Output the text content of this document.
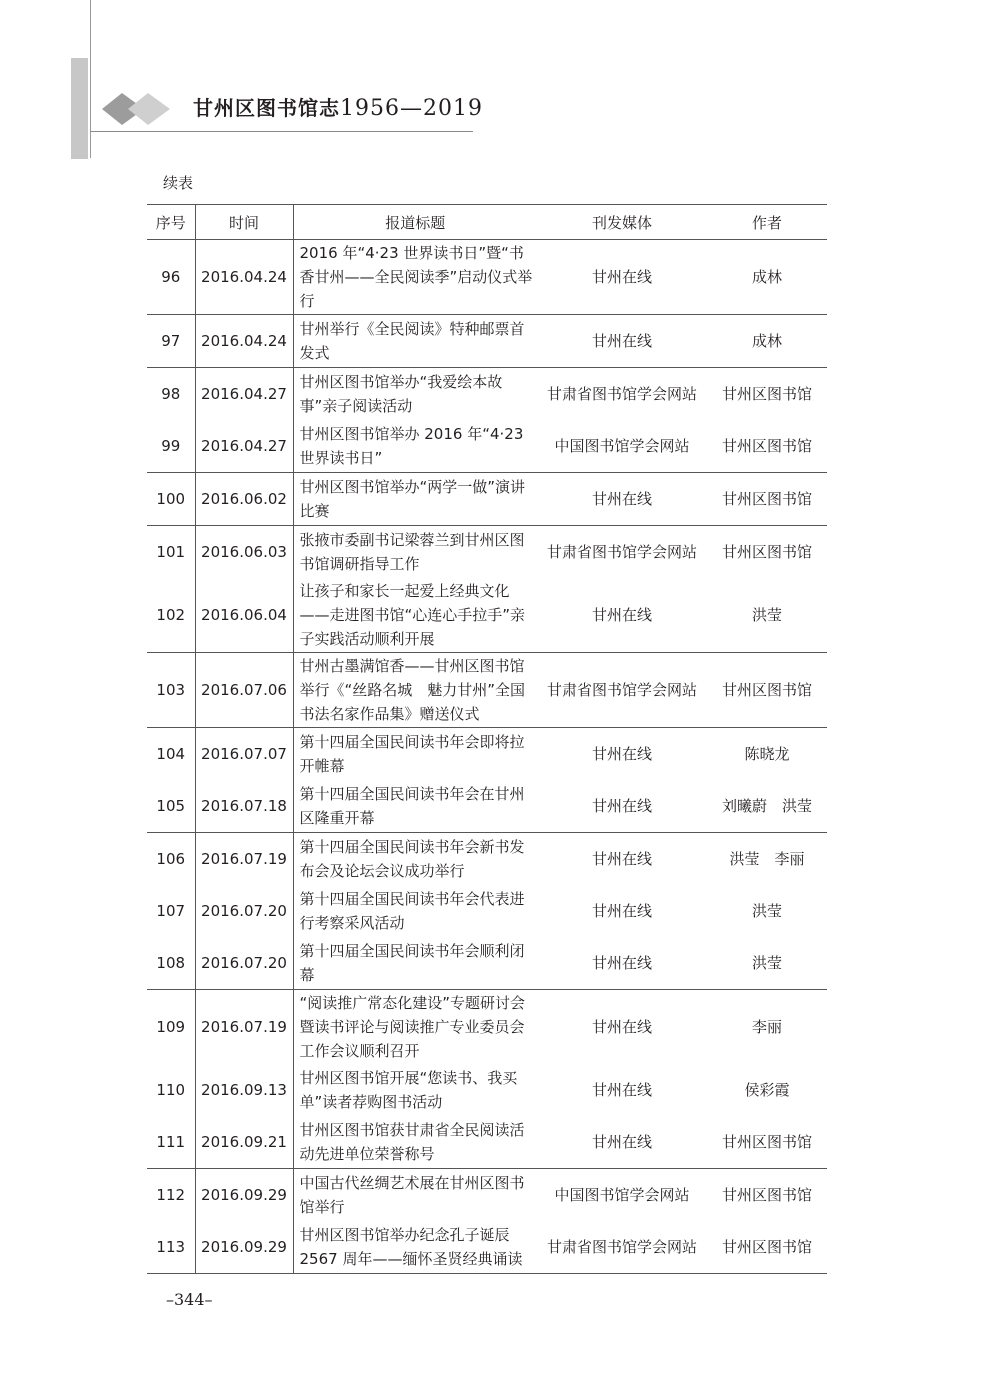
甘州区图书馆志1956—2019
续表
序号	时间	报道标题	刊发媒体	作者
96	2016.04.24	2016 年“4·23 世界读书日”暨“书香甘州——全民阅读季”启动仪式举行	甘州在线	成林
97	2016.04.24	甘州举行《全民阅读》特种邮票首发式	甘州在线	成林
98	2016.04.27	甘州区图书馆举办“我爱绘本故事”亲子阅读活动	甘肃省图书馆学会网站	甘州区图书馆
99	2016.04.27	甘州区图书馆举办 2016 年“4·23 世界读书日”	中国图书馆学会网站	甘州区图书馆
100	2016.06.02	甘州区图书馆举办“两学一做”演讲比赛	甘州在线	甘州区图书馆
101	2016.06.03	张掖市委副书记梁蓉兰到甘州区图书馆调研指导工作	甘肃省图书馆学会网站	甘州区图书馆
102	2016.06.04	让孩子和家长一起爱上经典文化——走进图书馆“心连心手拉手”亲子实践活动顺利开展	甘州在线	洪莹
103	2016.07.06	甘州古墨满馆香——甘州区图书馆举行《“丝路名城　魅力甘州”全国书法名家作品集》赠送仪式	甘肃省图书馆学会网站	甘州区图书馆
104	2016.07.07	第十四届全国民间读书年会即将拉开帷幕	甘州在线	陈晓龙
105	2016.07.18	第十四届全国民间读书年会在甘州区隆重开幕	甘州在线	刘曦蔚　洪莹
106	2016.07.19	第十四届全国民间读书年会新书发布会及论坛会议成功举行	甘州在线	洪莹　李丽
107	2016.07.20	第十四届全国民间读书年会代表进行考察采风活动	甘州在线	洪莹
108	2016.07.20	第十四届全国民间读书年会顺利闭幕	甘州在线	洪莹
109	2016.07.19	“阅读推广常态化建设”专题研讨会暨读书评论与阅读推广专业委员会工作会议顺利召开	甘州在线	李丽
110	2016.09.13	甘州区图书馆开展“您读书、我买单”读者荐购图书活动	甘州在线	侯彩霞
111	2016.09.21	甘州区图书馆获甘肃省全民阅读活动先进单位荣誉称号	甘州在线	甘州区图书馆
112	2016.09.29	中国古代丝绸艺术展在甘州区图书馆举行	中国图书馆学会网站	甘州区图书馆
113	2016.09.29	甘州区图书馆举办纪念孔子诞辰 2567 周年——缅怀圣贤经典诵读	甘肃省图书馆学会网站	甘州区图书馆
–344–
